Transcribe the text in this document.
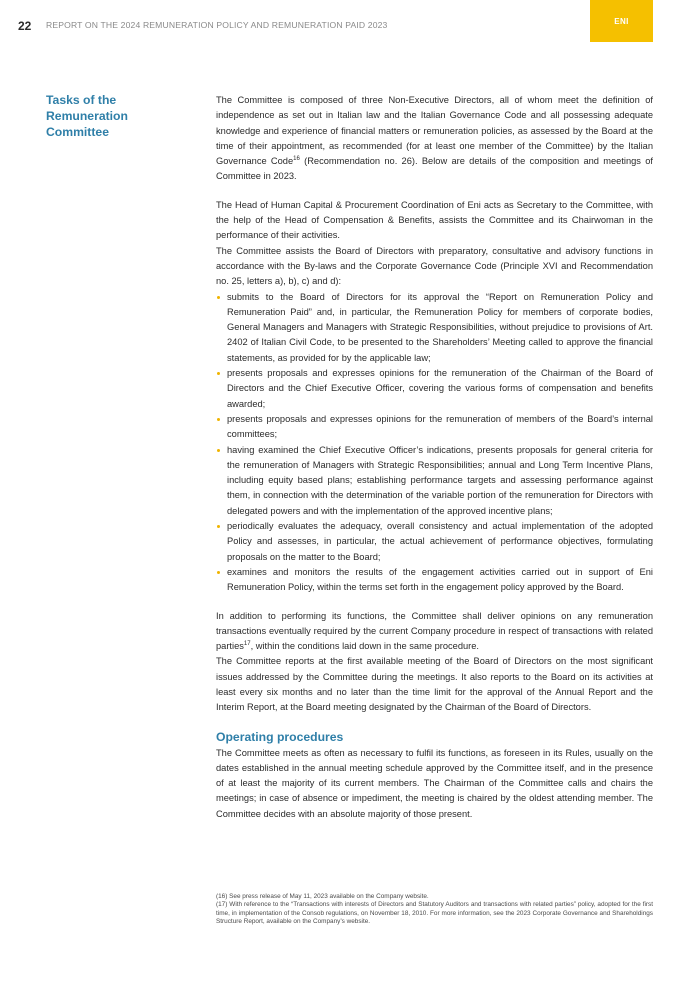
22 REPORT ON THE 2024 REMUNERATION POLICY AND REMUNERATION PAID 2023	ENI
Tasks of the Remuneration Committee

The Committee is composed of three Non-Executive Directors, all of whom meet the definition of independence as set out in Italian law and the Italian Governance Code and all possessing adequate knowledge and experience of financial matters or remuneration policies, as assessed by the Board at the time of their appointment, as recommended (for at least one member of the Committee) by the Italian Governance Code$^{16}$ (Recommendation no. 26). Below are details of the composition and meetings of Committee in 2023.

The Head of Human Capital & Procurement Coordination of Eni acts as Secretary to the Committee, with the help of the Head of Compensation & Benefits, assists the Committee and its Chairwoman in the performance of their activities.

The Committee assists the Board of Directors with preparatory, consultative and advisory functions in accordance with the By-laws and the Corporate Governance Code (Principle XVI and Recommendation no. 25, letters a), b), c) and d):

submits to the Board of Directors for its approval the “Report on Remuneration Policy and Remuneration Paid” and, in particular, the Remuneration Policy for members of corporate bodies, General Managers and Managers with Strategic Responsibilities, without prejudice to provisions of Art. 2402 of Italian Civil Code, to be presented to the Shareholders’ Meeting called to approve the financial statements, as provided for by the applicable law;
presents proposals and expresses opinions for the remuneration of the Chairman of the Board of Directors and the Chief Executive Officer, covering the various forms of compensation and benefits awarded;
presents proposals and expresses opinions for the remuneration of members of the Board’s internal committees;
having examined the Chief Executive Officer’s indications, presents proposals for general criteria for the remuneration of Managers with Strategic Responsibilities; annual and Long Term Incentive Plans, including equity based plans; establishing performance targets and assessing performance against them, in connection with the determination of the variable portion of the remuneration for Directors with delegated powers and with the implementation of the approved incentive plans;
periodically evaluates the adequacy, overall consistency and actual implementation of the adopted Policy and assesses, in particular, the actual achievement of performance objectives, formulating proposals on the matter to the Board;
examines and monitors the results of the engagement activities carried out in support of Eni Remuneration Policy, within the terms set forth in the engagement policy approved by the Board.

In addition to performing its functions, the Committee shall deliver opinions on any remuneration transactions eventually required by the current Company procedure in respect of transactions with related parties$^{17}$, within the conditions laid down in the same procedure.

The Committee reports at the first available meeting of the Board of Directors on the most significant issues addressed by the Committee during the meetings. It also reports to the Board on its activities at least every six months and no later than the time limit for the approval of the Annual Report and the Interim Report, at the Board meeting designated by the Chairman of the Board of Directors.

Operating procedures

The Committee meets as often as necessary to fulfil its functions, as foreseen in its Rules, usually on the dates established in the annual meeting schedule approved by the Committee itself, and in the presence of at least the majority of its current members. The Chairman of the Committee calls and chairs the meetings; in case of absence or impediment, the meeting is chaired by the oldest attending member. The Committee decides with an absolute majority of those present.

(16) See press release of May 11, 2023 available on the Company website.

(17) With reference to the “Transactions with interests of Directors and Statutory Auditors and transactions with related parties” policy, adopted for the first time, in implementation of the Consob regulations, on November 18, 2010. For more information, see the 2023 Corporate Governance and Shareholdings Structure Report, available on the Company’s website.
